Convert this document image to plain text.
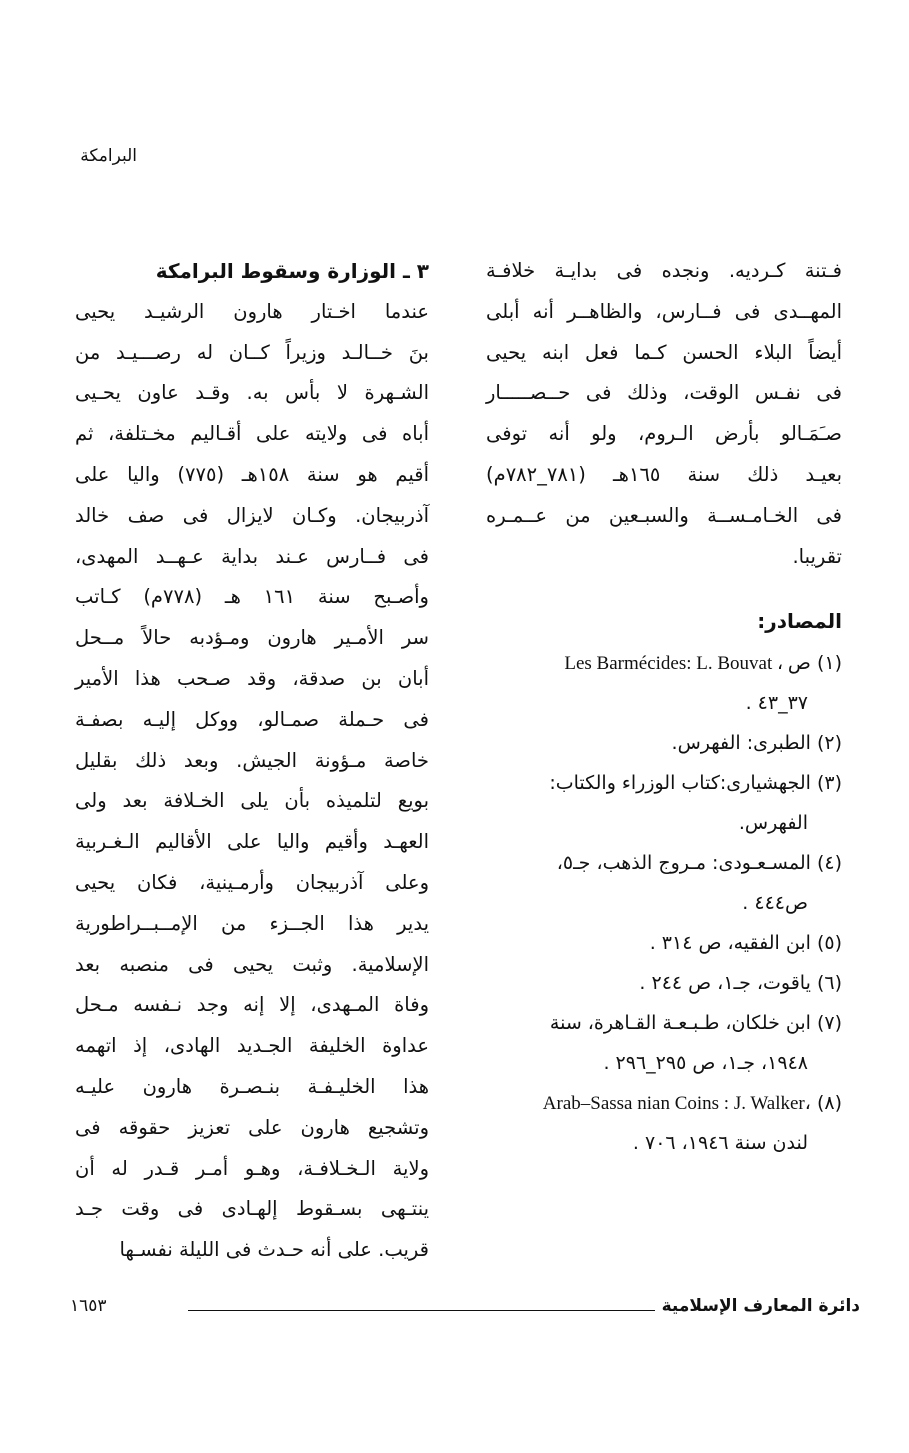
البرامكة
فـتنة كـرديه. ونجده فى بدايـة خلافـة
المهــدى فى فــارس، والظاهــر أنه أبلى
أيضاً البلاء الحسن كـما فعل ابنه يحيى
فى نفـس الوقت، وذلك فى حــصـــــار
صـَمَـالو بأرض الـروم، ولو أنه توفى
بعيـد ذلك سنة ١٦٥هـ (٧٨١_٧٨٢م)
فى الخـامـســة والسبـعين من عــمـره
تقريبا.
المصادر:
(١) Les Barmécides: L. Bouvat ، ص
٣٧_٤٣ .
(٢) الطبرى: الفهرس.
(٣) الجهشيارى:كتاب الوزراء والكتاب:
الفهرس.
(٤) المسـعـودى: مـروج الذهب، جـ٥،
ص٤٤٤ .
(٥) ابن الفقيه، ص ٣١٤ .
(٦) ياقوت، جـ١، ص ٢٤٤ .
(٧) ابن خلكان، طـبـعـة القـاهرة، سنة
١٩٤٨، جـ١، ص ٢٩٥_٢٩٦ .
(٨) Arab–Sassa nian Coins : J. Walker،
لندن سنة ١٩٤٦، ٧٠٦ .
٣ ـ الوزارة وسقوط البرامكة
عندما اخـتار هارون الرشيـد يحيى
بنَ خــالـد وزيراً كــان له رصـــيـد من
الشـهرة لا بأس به. وقـد عاون يحـيى
أباه فى ولايته على أقـاليم مخـتلفة، ثم
أقيم هو سنة ١٥٨هـ (٧٧٥) واليا على
آذربيجان. وكـان لايزال فى صف خالد
فى فــارس عـند بداية عـهــد المهدى،
وأصـبح سنة ١٦١ هـ (٧٧٨م) كـاتب
سر الأمـير هارون ومـؤدبه حالاً مــحل
أبان بن صدقة، وقد صـحب هذا الأمير
فى حـملة صمـالو، ووكل إليـه بصفـة
خاصة مـؤونة الجيش. وبعد ذلك بقليل
بويع لتلميذه بأن يلى الخـلافة بعد ولى
العهـد وأقيم واليا على الأقاليم الـغـربية
وعلى آذربيجان وأرمـينية، فكان يحيى
يدير هذا الجــزء من الإمــبــراطورية
الإسلامية. وثبت يحيى فى منصبه بعد
وفاة المـهدى، إلا إنه وجد نـفسه مـحل
عداوة الخليفة الجـديد الهادى، إذ اتهمه
هذا الخليـفـة بنـصـرة هارون عليـه
وتشجيع هارون على تعزيز حقوقه فى
ولاية الـخـلافـة، وهـو أمـر قـدر له أن
ينتـهى بسـقوط إلهـادى فى وقت جـد
قريب. على أنه حـدث فى الليلة نفسـها
دائرة المعارف الإسلامية
١٦٥٣
